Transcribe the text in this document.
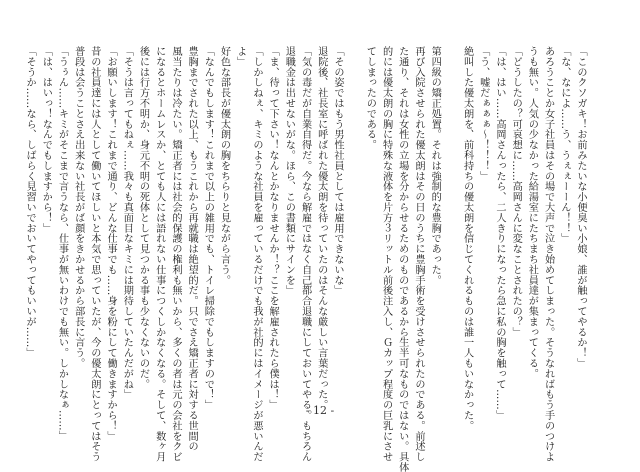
「このクソガキ！お前みたいな小便臭い小娘、誰が触ってやるか！」

「な、なによ……う、うぇぇーーん！！」

あろうことか女子社員はその場で大声で泣き始めてしまった。そうなればもう手のつけよ

うも無い。人気の少なかった給湯室にたちまち社員達が集まってくる。

「どうしたの？可哀想に……高岡さんに変なことされたの？」

「は、はい……高岡さんったら、二人きりになったら急に私の胸を触って……」

「う、嘘だぁぁぁ～！！！」

絶叫した優太朗を、前科持ちの優太朗を信じてくれるものは誰一人もいなかった。

第四級の矯正処置。それは強制的な豊胸であった。

再び入院させられた優太朗はその日のうちに豊胸手術を受けさせられたのである。前述し

た通り、それは女性の立場を分からせるためのものであるから生半可なものではない。具体

的には優太朗の胸に特殊な液体を片方３リットル前後注入し、Ｇカップ程度の巨乳にさせ

てしまったのである。

「その姿ではもう男性社員としては雇用できないな」

退院後、社長室に呼ばれた優太朗を待っていたのはそんな厳しい言葉だった。

「気の毒だが自業自得だ。今なら解雇ではなく自己都合退職にしておいてやる。もちろん

退職金は出せないがな。ほら、この書類にサインを」

「ま、待って下さい！なんとかなりませんか！？ここを解雇されたら僕は！」

「しかしねぇ、キミのような社員を雇っているだけでも我が社的にはイメージが悪いんだ

よ」

好色な部長が優太朗の胸をちらりと見ながら言う。

「なんでもします！これまで以上の雑用でも、トイレ掃除でもしますので！」

豊胸までされた以上、もうこれから再就職は絶望的だ。只でさえ矯正者に対する世間の

風当たりは冷たい。矯正者には社会的保護の権利も無いから、多くの者は元の会社をクビ

になるとホームレスか、とても人には語れない仕事につくしかなくなる。そして、数ヶ月

後には行方不明か、身元不明の死体として見つかる事も少なくないのだ。

「そうは言ってもねぇ……我々も真面目なキミには期待していたんだがね」

「お願いします！これまで通り、どんな仕事でも……身を粉にして働きますから！」

昔の社員達には人として働いてほしいと本気で思っていたが、今の優太朗にとってはそう

普段は会うことさえ出来ない社長がば顔をきかせるから部長に言う。

「うぅん……キミがそこまで言うなら、仕事が無いわけでも無い。しかしなぁ……」

「は、はいっ！なんでもしますから！」

「そうか……なら、しばらく見習いでおいてやってもいいが……」

- 12 -
